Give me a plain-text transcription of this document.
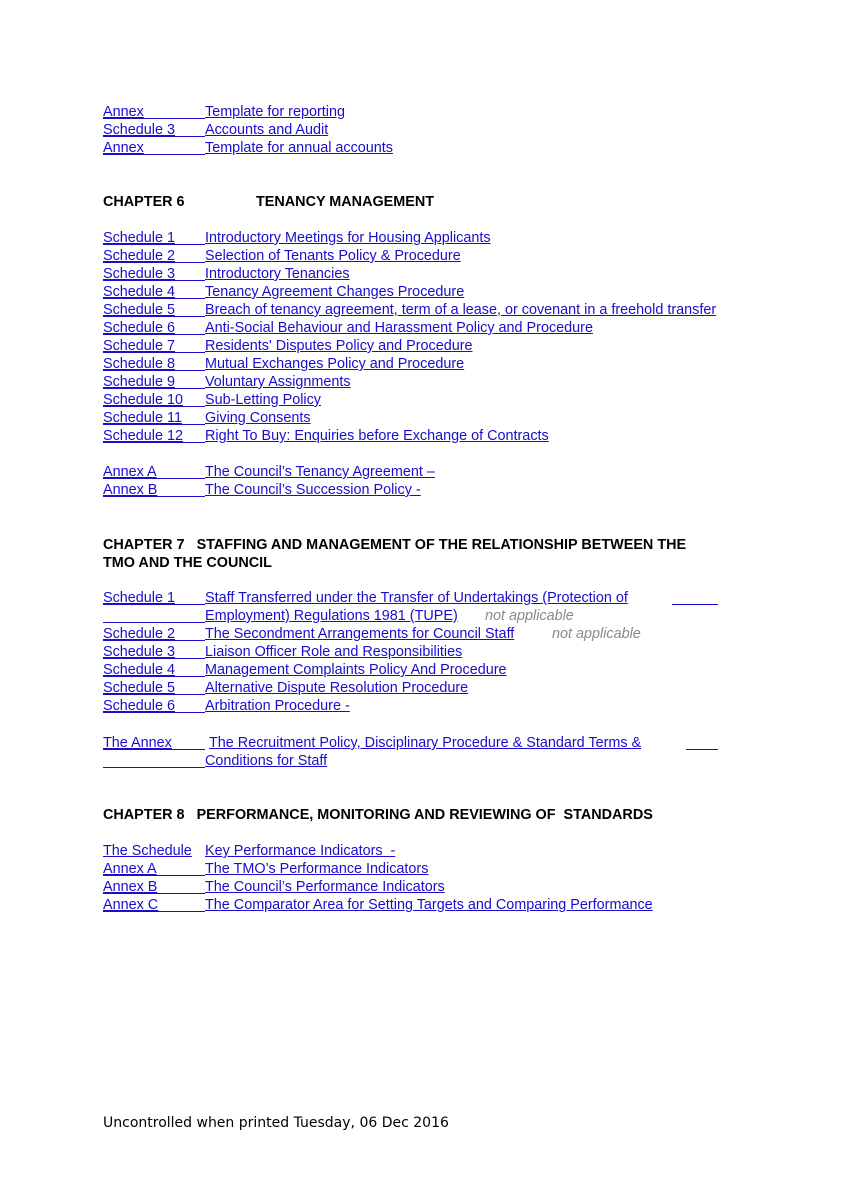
Annex	Template for reporting
Schedule 3 Accounts and Audit
Annex	Template for annual accounts
CHAPTER 6	TENANCY MANAGEMENT
Schedule 1 Introductory Meetings for Housing Applicants
Schedule 2 Selection of Tenants Policy & Procedure
Schedule 3 Introductory Tenancies
Schedule 4 Tenancy Agreement Changes Procedure
Schedule 5 Breach of tenancy agreement, term of a lease, or covenant in a freehold transfer
Schedule 6 Anti-Social Behaviour and Harassment Policy and Procedure
Schedule 7 Residents' Disputes Policy and Procedure
Schedule 8 Mutual Exchanges Policy and Procedure
Schedule 9 Voluntary Assignments
Schedule 10 Sub-Letting Policy
Schedule 11 Giving Consents
Schedule 12 Right To Buy: Enquiries before Exchange of Contracts
Annex A	The Council’s Tenancy Agreement –
Annex B	The Council’s Succession Policy -
CHAPTER 7 STAFFING AND MANAGEMENT OF THE RELATIONSHIP BETWEEN THE
TMO AND THE COUNCIL
Schedule 1 Staff Transferred under the Transfer of Undertakings (Protection of
Employment) Regulations 1981 (TUPE) not applicable
Schedule 2 The Secondment Arrangements for Council Staff	not applicable
Schedule 3 Liaison Officer Role and Responsibilities
Schedule 4 Management Complaints Policy And Procedure
Schedule 5 Alternative Dispute Resolution Procedure
Schedule 6 Arbitration Procedure -
The Annex	The Recruitment Policy, Disciplinary Procedure & Standard Terms &
Conditions for Staff
CHAPTER 8 PERFORMANCE, MONITORING AND REVIEWING OF  STANDARDS
The Schedule Key Performance Indicators  -
Annex A	The TMO’s Performance Indicators
Annex B	The Council’s Performance Indicators
Annex C	The Comparator Area for Setting Targets and Comparing Performance
Uncontrolled when printed Tuesday, 06 Dec 2016
